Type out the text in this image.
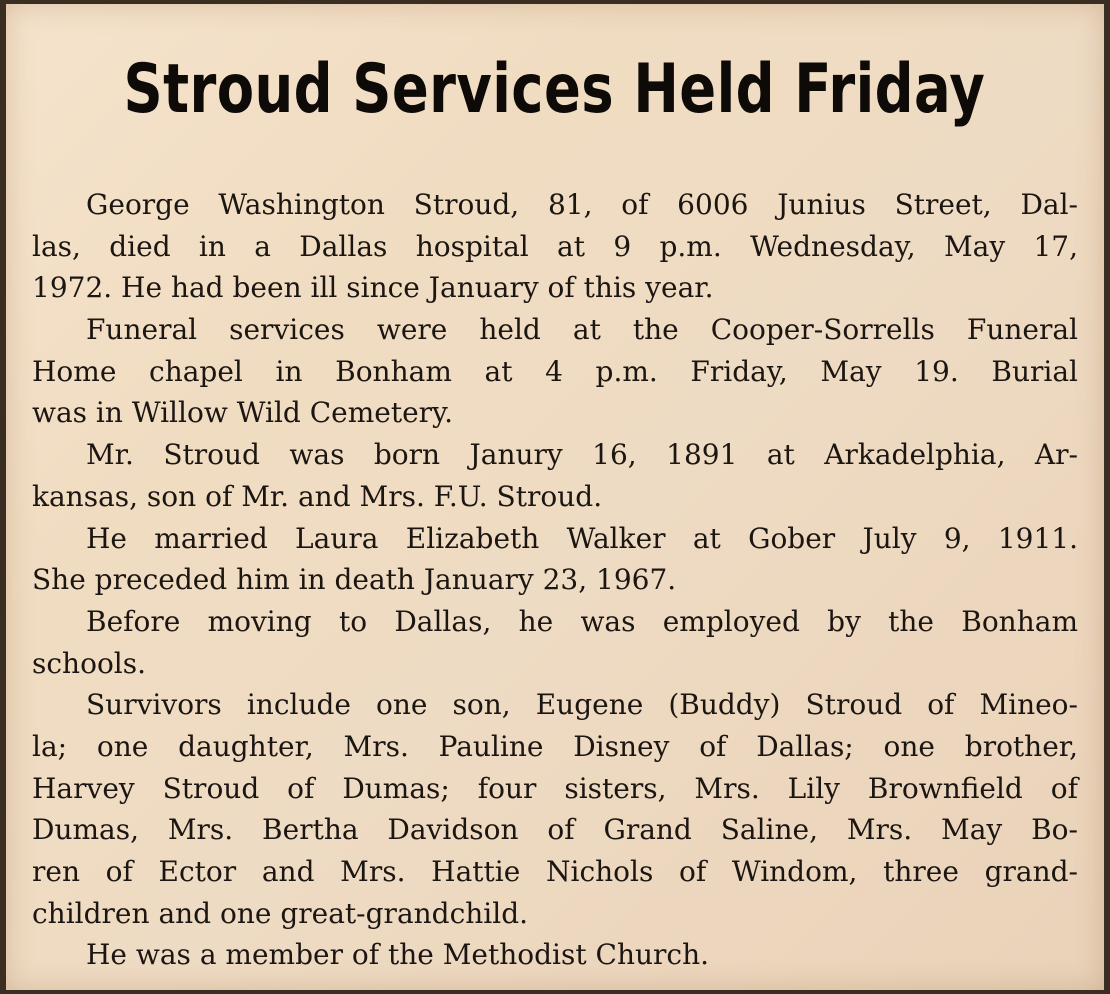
Stroud Services Held Friday
George Washington Stroud, 81, of 6006 Junius Street, Dal-
las, died in a Dallas hospital at 9 p.m. Wednesday, May 17,
1972. He had been ill since January of this year.
Funeral services were held at the Cooper-Sorrells Funeral
Home chapel in Bonham at 4 p.m. Friday, May 19. Burial
was in Willow Wild Cemetery.
Mr. Stroud was born Janury 16, 1891 at Arkadelphia, Ar-
kansas, son of Mr. and Mrs. F.U. Stroud.
He married Laura Elizabeth Walker at Gober July 9, 1911.
She preceded him in death January 23, 1967.
Before moving to Dallas, he was employed by the Bonham
schools.
Survivors include one son, Eugene (Buddy) Stroud of Mineo-
la; one daughter, Mrs. Pauline Disney of Dallas; one brother,
Harvey Stroud of Dumas; four sisters, Mrs. Lily Brownfield of
Dumas, Mrs. Bertha Davidson of Grand Saline, Mrs. May Bo-
ren of Ector and Mrs. Hattie Nichols of Windom, three grand-
children and one great-grandchild.
He was a member of the Methodist Church.
